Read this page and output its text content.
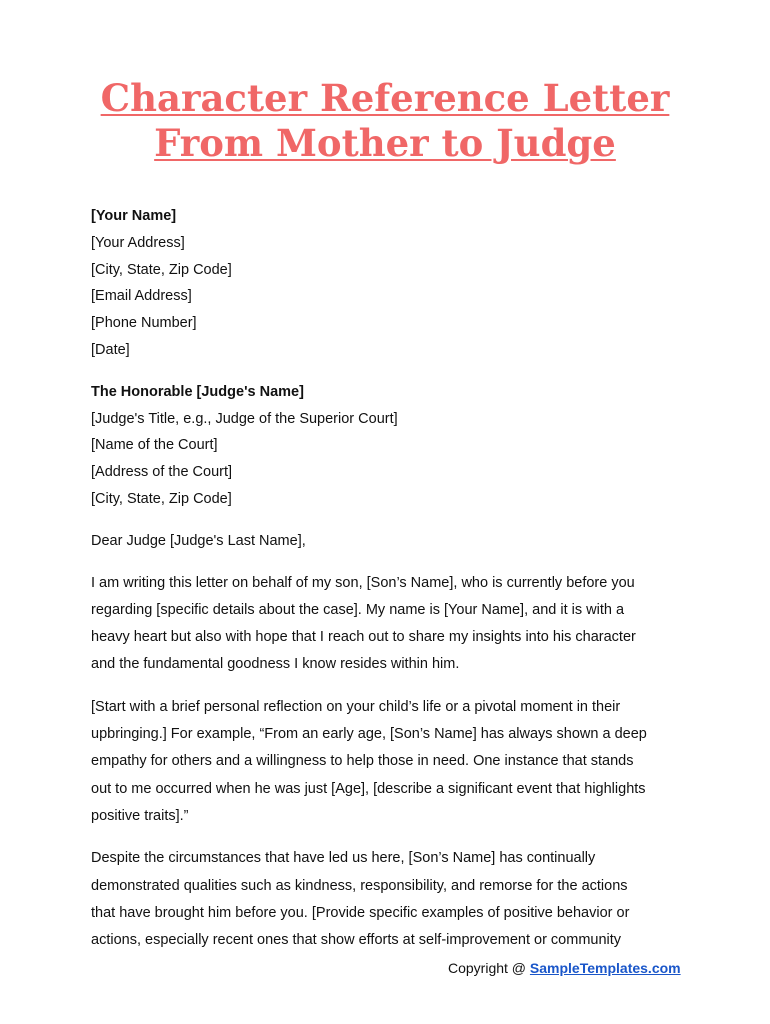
Character Reference Letter
From Mother to Judge
[Your Name]
[Your Address]
[City, State, Zip Code]
[Email Address]
[Phone Number]
[Date]
The Honorable [Judge's Name]
[Judge's Title, e.g., Judge of the Superior Court]
[Name of the Court]
[Address of the Court]
[City, State, Zip Code]
Dear Judge [Judge's Last Name],
I am writing this letter on behalf of my son, [Son’s Name], who is currently before you
regarding [specific details about the case]. My name is [Your Name], and it is with a
heavy heart but also with hope that I reach out to share my insights into his character
and the fundamental goodness I know resides within him.
[Start with a brief personal reflection on your child’s life or a pivotal moment in their
upbringing.] For example, “From an early age, [Son’s Name] has always shown a deep
empathy for others and a willingness to help those in need. One instance that stands
out to me occurred when he was just [Age], [describe a significant event that highlights
positive traits].”
Despite the circumstances that have led us here, [Son’s Name] has continually
demonstrated qualities such as kindness, responsibility, and remorse for the actions
that have brought him before you. [Provide specific examples of positive behavior or
actions, especially recent ones that show efforts at self-improvement or community
Copyright @ SampleTemplates.com
